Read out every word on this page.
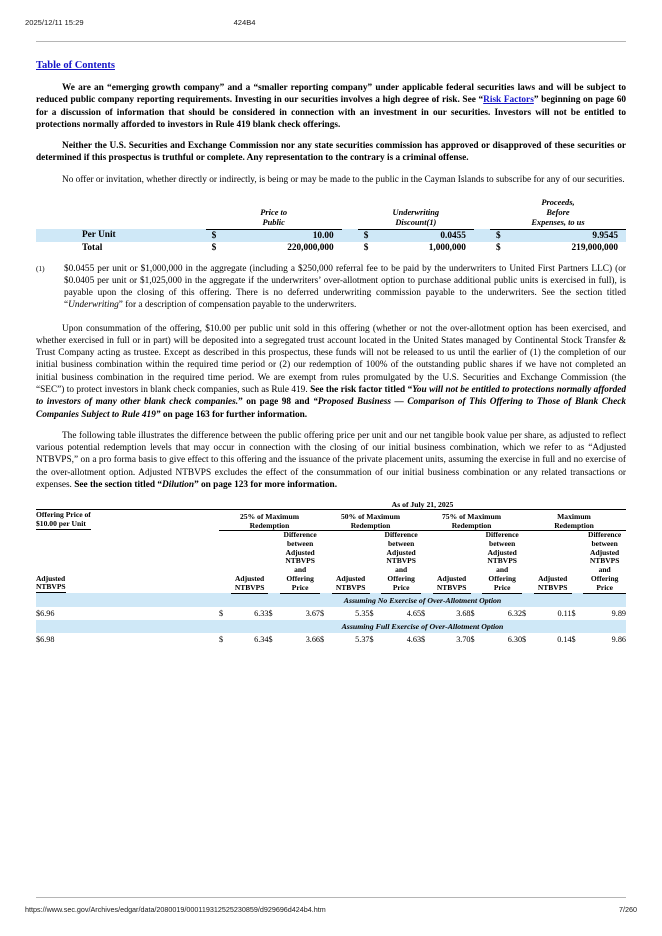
2025/12/11 15:29	424B4
https://www.sec.gov/Archives/edgar/data/2080019/000119312525230859/d929696d424b4.htm	7/260
Table of Contents

We are an “emerging growth company” and a “smaller reporting company” under applicable federal securities laws and will be subject to reduced public company reporting requirements. Investing in our securities involves a high degree of risk. See “Risk Factors” beginning on page 60 for a discussion of information that should be considered in connection with an investment in our securities. Investors will not be entitled to protections normally afforded to investors in Rule 419 blank check offerings.

Neither the U.S. Securities and Exchange Commission nor any state securities commission has approved or disapproved of these securities or determined if this prospectus is truthful or complete. Any representation to the contrary is a criminal offense.

No offer or invitation, whether directly or indirectly, is being or may be made to the public in the Cayman Islands to subscribe for any of our securities.

Price to
Public

Underwriting
Discount(1)

Proceeds,
Before
Expenses, to us

Per Unit	$	10.00		$	0.0455		$	9.9545
Total	$	220,000,000		$	1,000,000		$	219,000,000
(1)	$0.0455 per unit or $1,000,000 in the aggregate (including a $250,000 referral fee to be paid by the underwriters to United First Partners LLC) (or $0.0405 per unit or $1,025,000 in the aggregate if the underwriters’ over-allotment option to purchase additional public units is exercised in full), is payable upon the closing of this offering. There is no deferred underwriting commission payable to the underwriters. See the section titled “Underwriting” for a description of compensation payable to the underwriters.

Upon consummation of the offering, $10.00 per public unit sold in this offering (whether or not the over-allotment option has been exercised, and whether exercised in full or in part) will be deposited into a segregated trust account located in the United States managed by Continental Stock Transfer & Trust Company acting as trustee. Except as described in this prospectus, these funds will not be released to us until the earlier of (1) the completion of our initial business combination within the required time period or (2) our redemption of 100% of the outstanding public shares if we have not completed an initial business combination in the required time period. We are exempt from rules promulgated by the U.S. Securities and Exchange Commission (the “SEC”) to protect investors in blank check companies, such as Rule 419. See the risk factor titled “You will not be entitled to protections normally afforded to investors of many other blank check companies.” on page 98 and “Proposed Business — Comparison of This Offering to Those of Blank Check Companies Subject to Rule 419” on page 163 for further information.

The following table illustrates the difference between the public offering price per unit and our net tangible book value per share, as adjusted to reflect various potential redemption levels that may occur in connection with the closing of our initial business combination, which we refer to as “Adjusted NTBVPS,” on a pro forma basis to give effect to this offering and the issuance of the private placement units, assuming the exercise in full and no exercise of the over-allotment option. Adjusted NTBVPS excludes the effect of the consummation of our initial business combination or any related transactions or expenses. See the section titled “Dilution” on page 123 for more information.

	As of July 21, 2025															
Offering Price of
$10.00 per Unit	25% of Maximum
Redemption				50% of Maximum
Redemption				75% of Maximum
Redemption				Maximum
Redemption			
Adjusted
NTBVPS		Adjusted
NTBVPS		Difference
between
Adjusted
NTBVPS
and
Offering
Price		Adjusted
NTBVPS		Difference
between
Adjusted
NTBVPS
and
Offering
Price		Adjusted
NTBVPS		Difference
between
Adjusted
NTBVPS
and
Offering
Price		Adjusted
NTBVPS		Difference
between
Adjusted
NTBVPS
and
Offering
Price
	Assuming No Exercise of Over-Allotment Option															
$6.96	$	6.33	$	3.67	$	5.35	$	4.65	$	3.68	$	6.32	$	0.11	$	9.89
	Assuming Full Exercise of Over-Allotment Option															
$6.98	$	6.34	$	3.66	$	5.37	$	4.63	$	3.70	$	6.30	$	0.14	$	9.86
